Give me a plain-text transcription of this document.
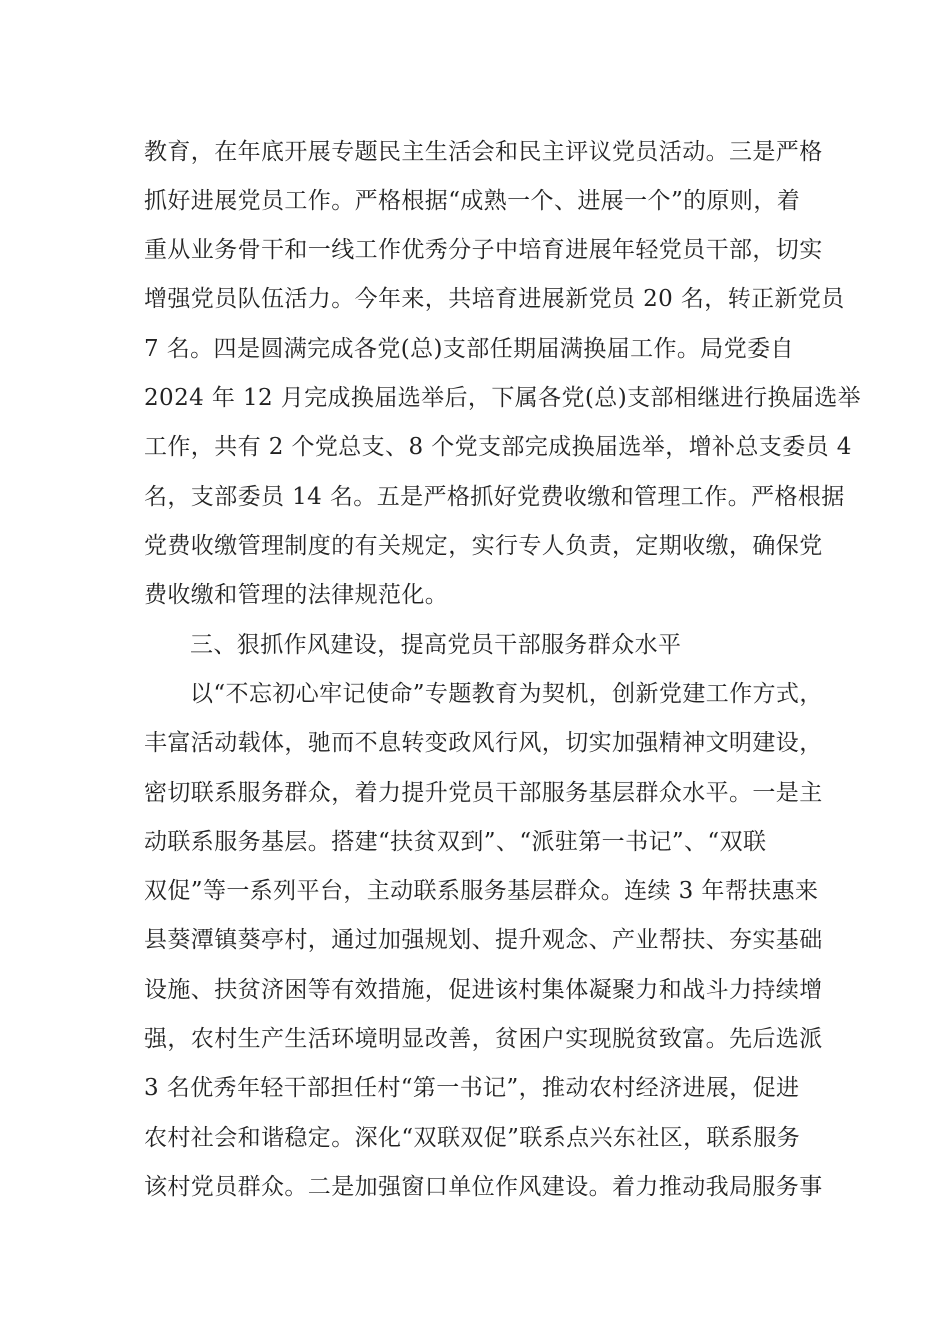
教育，在年底开展专题民主生活会和民主评议党员活动。三是严格
抓好进展党员工作。严格根据“成熟一个、进展一个”的原则，着
重从业务骨干和一线工作优秀分子中培育进展年轻党员干部，切实
增强党员队伍活力。今年来，共培育进展新党员 20 名，转正新党员
7 名。四是圆满完成各党(总)支部任期届满换届工作。局党委自
2024 年 12 月完成换届选举后，下属各党(总)支部相继进行换届选举
工作，共有 2 个党总支、8 个党支部完成换届选举，增补总支委员 4
名，支部委员 14 名。五是严格抓好党费收缴和管理工作。严格根据
党费收缴管理制度的有关规定，实行专人负责，定期收缴，确保党
费收缴和管理的法律规范化。
三、狠抓作风建设，提高党员干部服务群众水平
以“不忘初心牢记使命”专题教育为契机，创新党建工作方式，
丰富活动载体，驰而不息转变政风行风，切实加强精神文明建设，
密切联系服务群众，着力提升党员干部服务基层群众水平。一是主
动联系服务基层。搭建“扶贫双到”、“派驻第一书记”、“双联
双促”等一系列平台，主动联系服务基层群众。连续 3 年帮扶惠来
县葵潭镇葵亭村，通过加强规划、提升观念、产业帮扶、夯实基础
设施、扶贫济困等有效措施，促进该村集体凝聚力和战斗力持续增
强，农村生产生活环境明显改善，贫困户实现脱贫致富。先后选派
3 名优秀年轻干部担任村“第一书记”，推动农村经济进展，促进
农村社会和谐稳定。深化“双联双促”联系点兴东社区，联系服务
该村党员群众。二是加强窗口单位作风建设。着力推动我局服务事
